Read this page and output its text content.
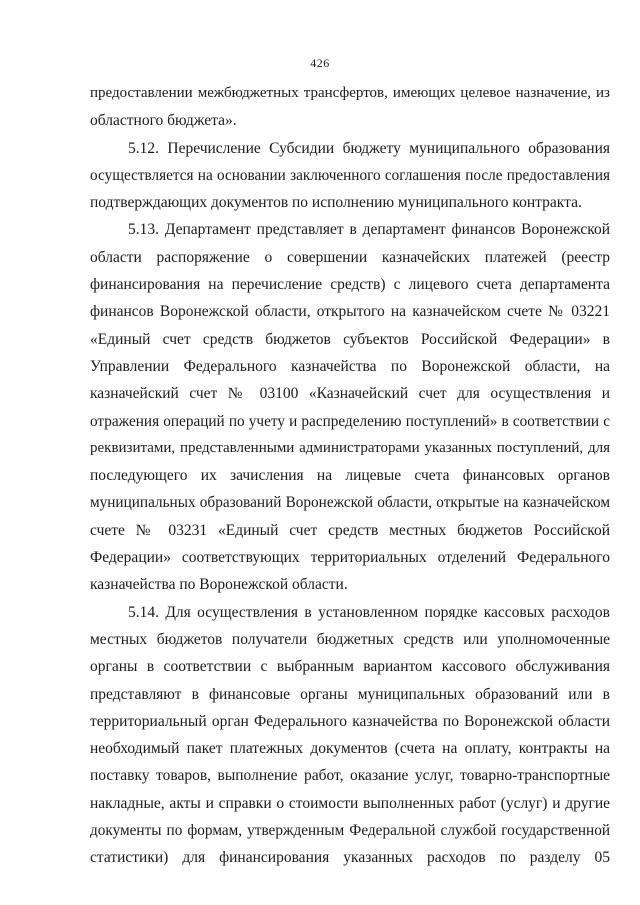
426
предоставлении межбюджетных трансфертов, имеющих целевое назначение, из
областного бюджета».
5.12. Перечисление Субсидии бюджету муниципального образования
осуществляется на основании заключенного соглашения после предоставления
подтверждающих документов по исполнению муниципального контракта.
5.13. Департамент представляет в департамент финансов Воронежской
области распоряжение о совершении казначейских платежей (реестр
финансирования на перечисление средств) с лицевого счета департамента
финансов Воронежской области, открытого на казначейском счете № 03221
«Единый счет средств бюджетов субъектов Российской Федерации» в
Управлении Федерального казначейства по Воронежской области, на
казначейский счет № 03100 «Казначейский счет для осуществления и
отражения операций по учету и распределению поступлений» в соответствии с
реквизитами, представленными администраторами указанных поступлений, для
последующего их зачисления на лицевые счета финансовых органов
муниципальных образований Воронежской области, открытые на казначейском
счете № 03231 «Единый счет средств местных бюджетов Российской
Федерации» соответствующих территориальных отделений Федерального
казначейства по Воронежской области.
5.14. Для осуществления в установленном порядке кассовых расходов
местных бюджетов получатели бюджетных средств или уполномоченные
органы в соответствии с выбранным вариантом кассового обслуживания
представляют в финансовые органы муниципальных образований или в
территориальный орган Федерального казначейства по Воронежской области
необходимый пакет платежных документов (счета на оплату, контракты на
поставку товаров, выполнение работ, оказание услуг, товарно-транспортные
накладные, акты и справки о стоимости выполненных работ (услуг) и другие
документы по формам, утвержденным Федеральной службой государственной
статистики) для финансирования указанных расходов по разделу 05
